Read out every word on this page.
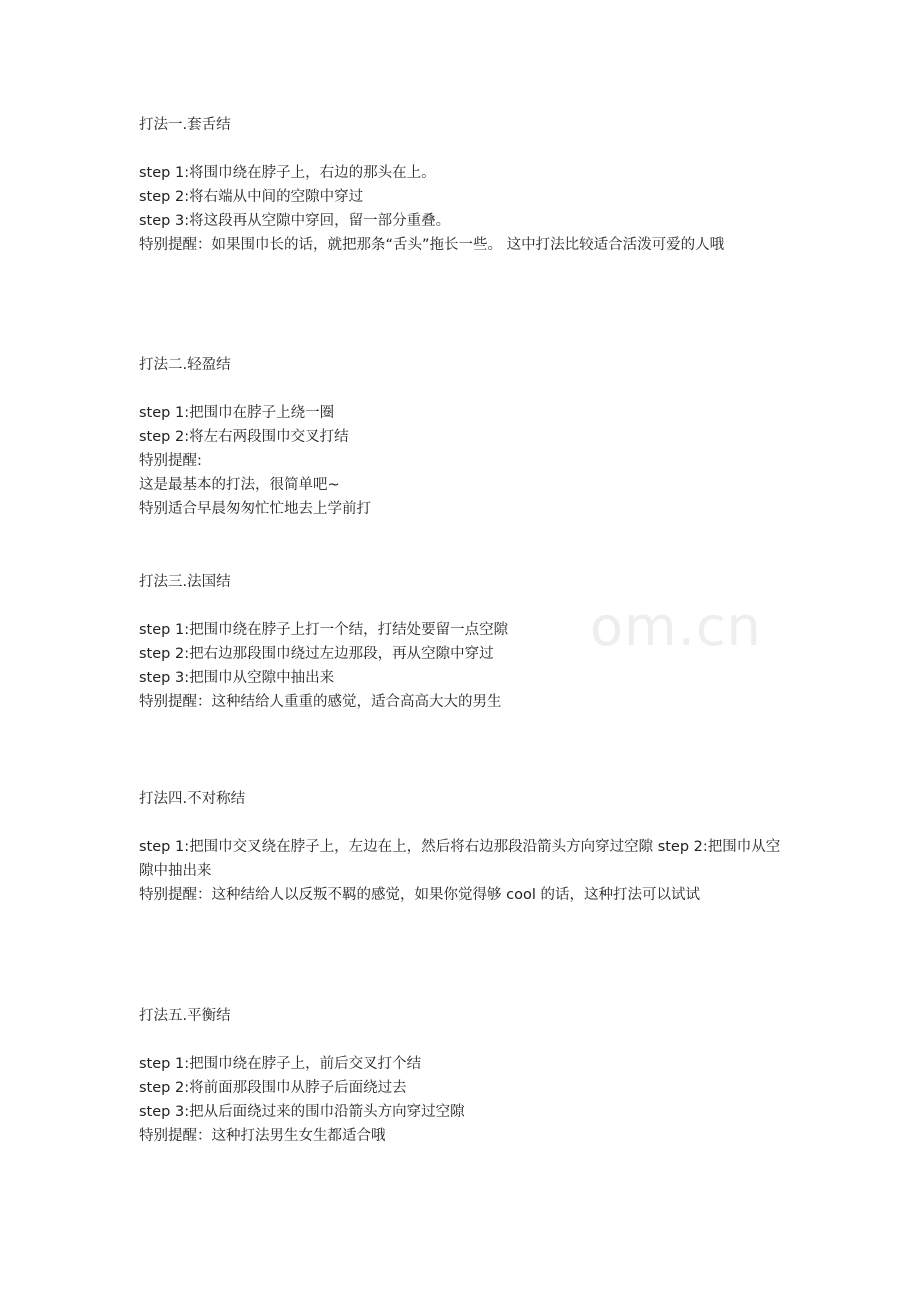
om.cn
打法一.套舌结
step 1:将围巾绕在脖子上，右边的那头在上。
step 2:将右端从中间的空隙中穿过
step 3:将这段再从空隙中穿回，留一部分重叠。
特别提醒：如果围巾长的话，就把那条“舌头”拖长一些。 这中打法比较适合活泼可爱的人哦
打法二.轻盈结
step 1:把围巾在脖子上绕一圈
step 2:将左右两段围巾交叉打结
特别提醒:
这是最基本的打法，很简单吧~
特别适合早晨匆匆忙忙地去上学前打
打法三.法国结
step 1:把围巾绕在脖子上打一个结，打结处要留一点空隙
step 2:把右边那段围巾绕过左边那段，再从空隙中穿过
step 3:把围巾从空隙中抽出来
特别提醒：这种结给人重重的感觉，适合高高大大的男生
打法四.不对称结
step 1:把围巾交叉绕在脖子上，左边在上，然后将右边那段沿箭头方向穿过空隙 step 2:把围巾从空隙中抽出来
特别提醒：这种结给人以反叛不羁的感觉，如果你觉得够 cool 的话，这种打法可以试试
打法五.平衡结
step 1:把围巾绕在脖子上，前后交叉打个结
step 2:将前面那段围巾从脖子后面绕过去
step 3:把从后面绕过来的围巾沿箭头方向穿过空隙
特别提醒：这种打法男生女生都适合哦
